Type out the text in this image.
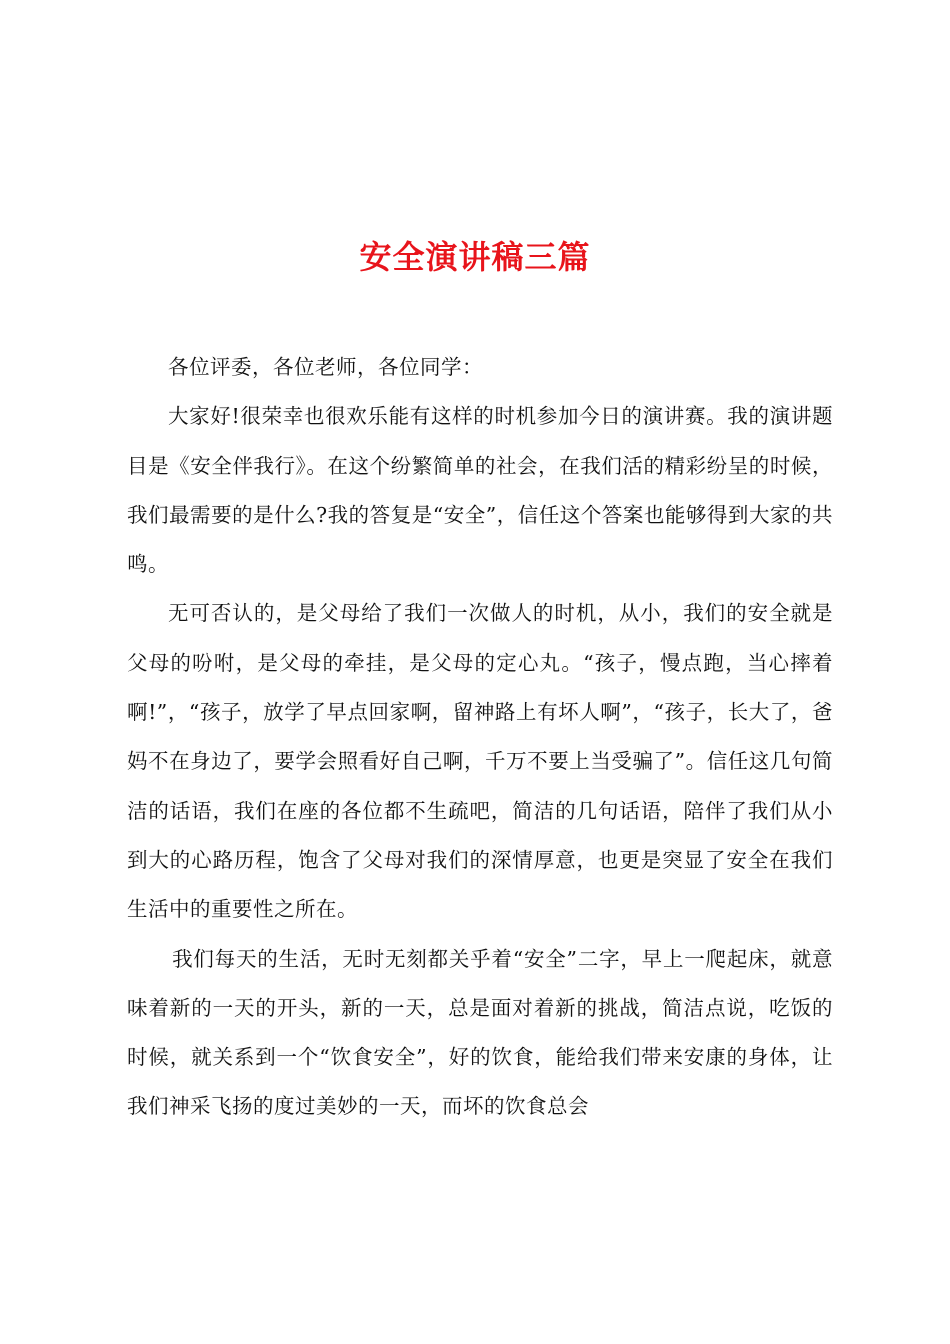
安全演讲稿三篇

各位评委，各位老师，各位同学：

大家好!很荣幸也很欢乐能有这样的时机参加今日的演讲赛。我的演讲题目是《安全伴我行》。在这个纷繁简单的社会，在我们活的精彩纷呈的时候，我们最需要的是什么?我的答复是“安全”，信任这个答案也能够得到大家的共鸣。

无可否认的，是父母给了我们一次做人的时机，从小，我们的安全就是父母的吩咐，是父母的牵挂，是父母的定心丸。“孩子，慢点跑，当心摔着啊!”，“孩子，放学了早点回家啊，留神路上有坏人啊”，“孩子，长大了，爸妈不在身边了，要学会照看好自己啊，千万不要上当受骗了”。信任这几句简洁的话语，我们在座的各位都不生疏吧，简洁的几句话语，陪伴了我们从小到大的心路历程，饱含了父母对我们的深情厚意，也更是突显了安全在我们生活中的重要性之所在。

我们每天的生活，无时无刻都关乎着“安全”二字，早上一爬起床，就意味着新的一天的开头，新的一天，总是面对着新的挑战，简洁点说，吃饭的时候，就关系到一个“饮食安全”，好的饮食，能给我们带来安康的身体，让我们神采飞扬的度过美妙的一天，而坏的饮食总会
